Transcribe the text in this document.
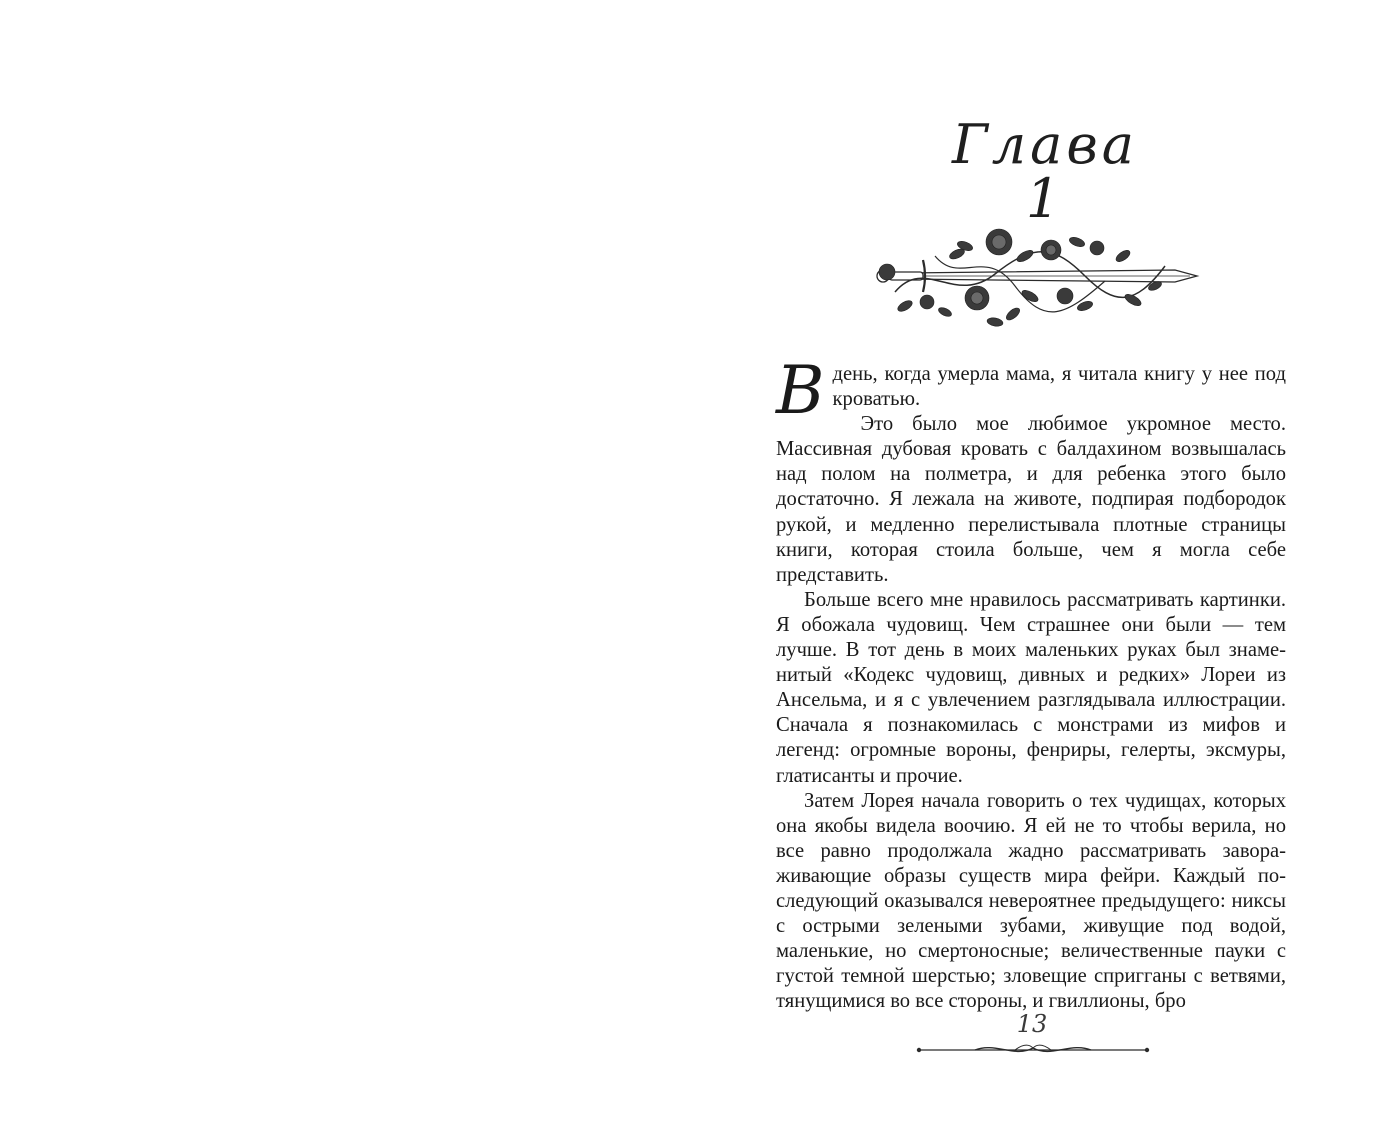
Глава 1

В день, когда умерла мама, я читала книгу у нее под кроватью.

Это было мое любимое укромное место. Массивная дубовая кровать с балдахином возвышалась над полом на полметра, и для ребенка этого было достаточно. Я лежала на животе, подпирая подбородок рукой, и медленно перелистывала плотные страницы книги, которая стоила больше, чем я могла себе представить.

Больше всего мне нравилось рассматривать картинки. Я обожала чудовищ. Чем страшнее они были — тем лучше. В тот день в моих маленьких руках был знаменитый «Кодекс чудовищ, дивных и редких» Лореи из Ансельма, и я с увлечением разглядывала иллюстрации. Сначала я познакомилась с монстрами из мифов и легенд: огромные вороны, фенриры, гелерты, эксмуры, глатисанты и прочие.

Затем Лорея начала говорить о тех чудищах, которых она якобы видела воочию. Я ей не то чтобы верила, но все равно продолжала жадно рассматривать завораживающие образы существ мира фейри. Каждый последующий оказывался невероятнее предыдущего: никсы с острыми зелеными зубами, живущие под водой, маленькие, но смертоносные; величественные пауки с густой темной шерстью; зловещие спригганы с ветвями, тянущимися во все стороны, и гвиллионы, бро

13
